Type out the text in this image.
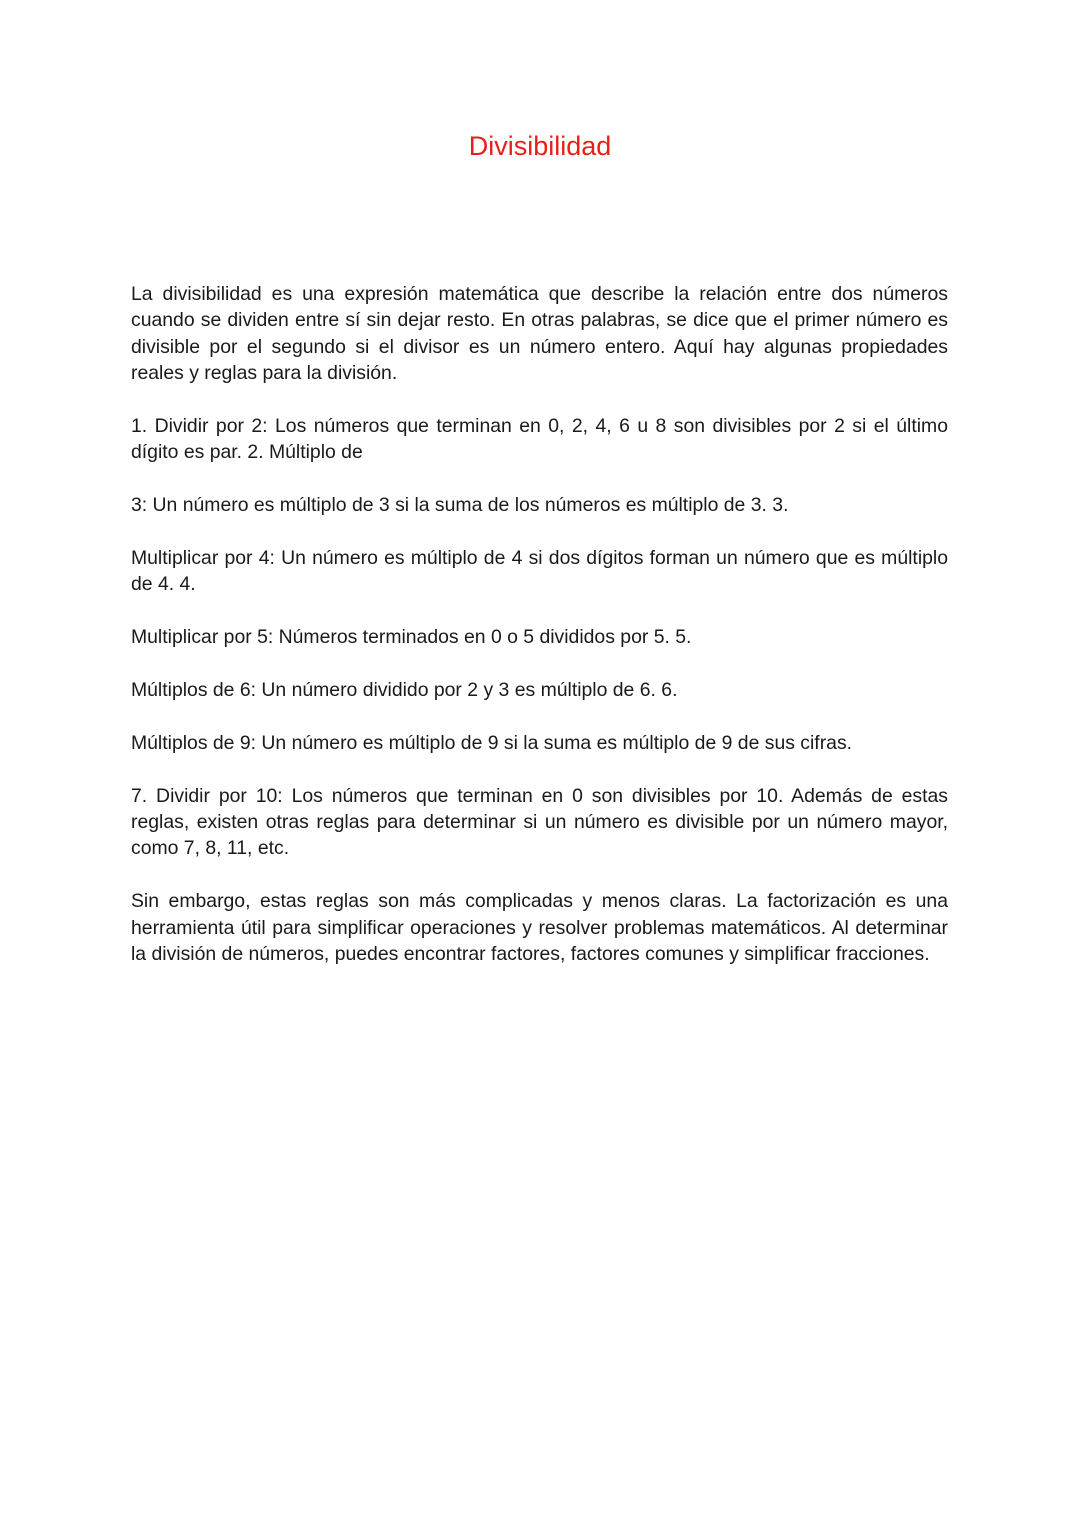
Divisibilidad

La divisibilidad es una expresión matemática que describe la relación entre dos números cuando se dividen entre sí sin dejar resto. En otras palabras, se dice que el primer número es divisible por el segundo si el divisor es un número entero. Aquí hay algunas propiedades reales y reglas para la división.

1. Dividir por 2: Los números que terminan en 0, 2, 4, 6 u 8 son divisibles por 2 si el último dígito es par. 2. Múltiplo de

3: Un número es múltiplo de 3 si la suma de los números es múltiplo de 3. 3.

Multiplicar por 4: Un número es múltiplo de 4 si dos dígitos forman un número que es múltiplo de 4. 4.

Multiplicar por 5: Números terminados en 0 o 5 divididos por 5. 5.

Múltiplos de 6: Un número dividido por 2 y 3 es múltiplo de 6. 6.

Múltiplos de 9: Un número es múltiplo de 9 si la suma es múltiplo de 9 de sus cifras.

7. Dividir por 10: Los números que terminan en 0 son divisibles por 10. Además de estas reglas, existen otras reglas para determinar si un número es divisible por un número mayor, como 7, 8, 11, etc.

Sin embargo, estas reglas son más complicadas y menos claras. La factorización es una herramienta útil para simplificar operaciones y resolver problemas matemáticos. Al determinar la división de números, puedes encontrar factores, factores comunes y simplificar fracciones.
